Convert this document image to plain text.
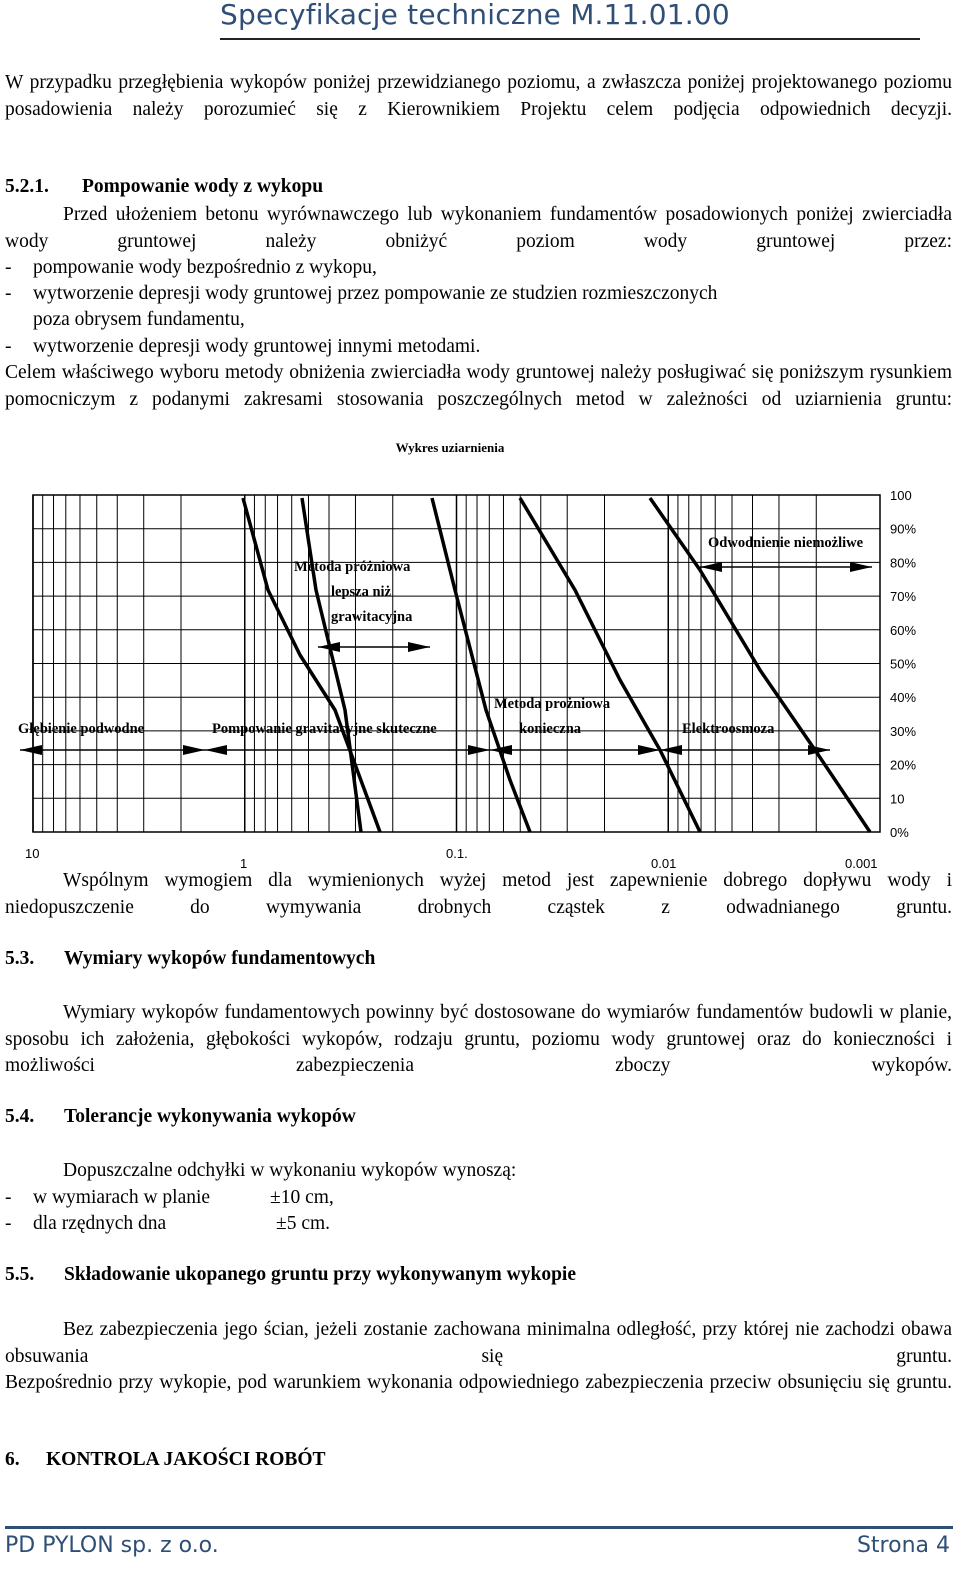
Specyfikacje techniczne M.11.01.00
W przypadku przegłębienia wykopów poniżej przewidzianego poziomu, a zwłaszcza poniżej projektowanego poziomu posadowienia należy porozumieć się z Kierownikiem Projektu celem podjęcia odpowiednich decyzji.
5.2.1. Pompowanie wody z wykopu
Przed ułożeniem betonu wyrównawczego lub wykonaniem fundamentów posadowionych poniżej zwierciadła wody gruntowej należy obniżyć poziom wody gruntowej przez:
- pompowanie wody bezpośrednio z wykopu,
- wytworzenie depresji wody gruntowej przez pompowanie ze studzien rozmieszczonych
poza obrysem fundamentu,
- wytworzenie depresji wody gruntowej innymi metodami.
Celem właściwego wyboru metody obniżenia zwierciadła wody gruntowej należy posługiwać się poniższym rysunkiem pomocniczym z podanymi zakresami stosowania poszczególnych metod w zależności od uziarnienia gruntu:
Wykres uziarnienia
100
90%
80%
70%
60%
50%
40%
30%
20%
10
0%
10
1
0.1.
0.01	0.001
Odwodnienie niemożliwe
Metoda próżniowa
lepsza niż
grawitacyjna
Metoda prożniowa
konieczna
Głębienie podwodne	Pompowanie gravitacyjne skuteczne	Elektroosmoza
Wspólnym wymogiem dla wymienionych wyżej metod jest zapewnienie dobrego dopływu wody i niedopuszczenie do wymywania drobnych cząstek z odwadnianego gruntu.
5.3. Wymiary wykopów fundamentowych
Wymiary wykopów fundamentowych powinny być dostosowane do wymiarów fundamentów budowli w planie, sposobu ich założenia, głębokości wykopów, rodzaju gruntu, poziomu wody gruntowej oraz do konieczności i możliwości zabezpieczenia zboczy wykopów.
5.4. Tolerancje wykonywania wykopów
Dopuszczalne odchyłki w wykonaniu wykopów wynoszą:
- w wymiarach w planie	±10 cm,
- dla rzędnych dna	±5 cm.
5.5. Składowanie ukopanego gruntu przy wykonywanym wykopie
Bez zabezpieczenia jego ścian, jeżeli zostanie zachowana minimalna odległość, przy której nie zachodzi obawa obsuwania się gruntu.
Bezpośrednio przy wykopie, pod warunkiem wykonania odpowiedniego zabezpieczenia przeciw obsunięciu się gruntu.
6. KONTROLA JAKOŚCI ROBÓT
PD PYLON sp. z o.o.	Strona 4
